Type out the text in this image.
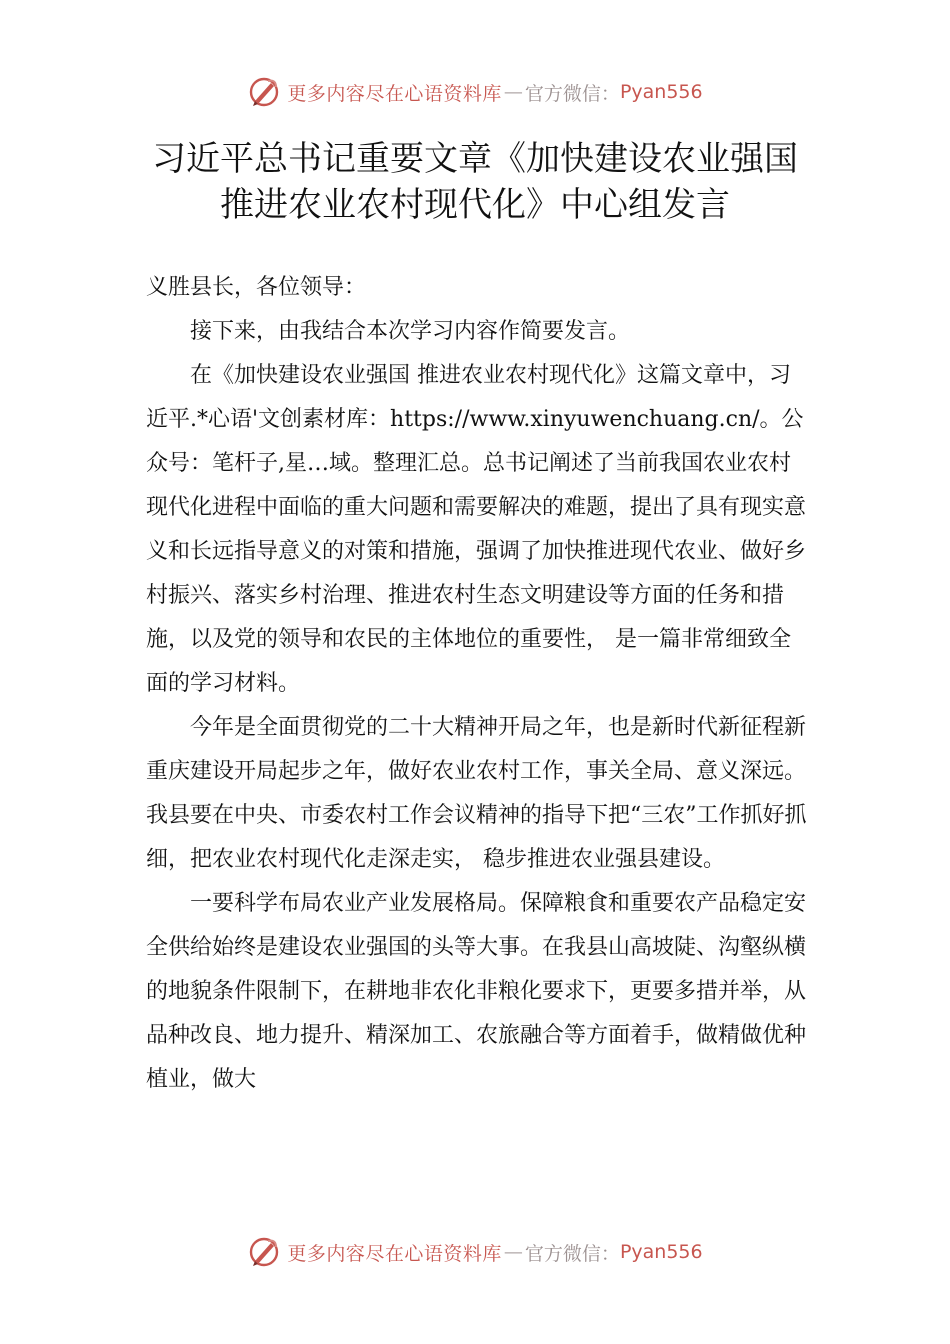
更多内容尽在心语资料库 — 官方微信： Pyan556
习近平总书记重要文章《加快建设农业强国
推进农业农村现代化》中心组发言

义胜县长，各位领导：

接下来，由我结合本次学习内容作简要发言。

在《加快建设农业强国 推进农业农村现代化》这篇文章中，习近平.*心语'文创素材库：https://www.xinyuwenchuang.cn/。公众号：笔杆子,星…域。整理汇总。总书记阐述了当前我国农业农村现代化进程中面临的重大问题和需要解决的难题，提出了具有现实意义和长远指导意义的对策和措施，强调了加快推进现代农业、做好乡村振兴、落实乡村治理、推进农村生态文明建设等方面的任务和措施，以及党的领导和农民的主体地位的重要性， 是一篇非常细致全面的学习材料。

今年是全面贯彻党的二十大精神开局之年，也是新时代新征程新重庆建设开局起步之年，做好农业农村工作，事关全局、意义深远。我县要在中央、市委农村工作会议精神的指导下把“三农”工作抓好抓细，把农业农村现代化走深走实， 稳步推进农业强县建设。

一要科学布局农业产业发展格局。保障粮食和重要农产品稳定安全供给始终是建设农业强国的头等大事。在我县山高坡陡、沟壑纵横的地貌条件限制下，在耕地非农化非粮化要求下，更要多措并举，从品种改良、地力提升、精深加工、农旅融合等方面着手，做精做优种植业，做大

更多内容尽在心语资料库 — 官方微信： Pyan556
